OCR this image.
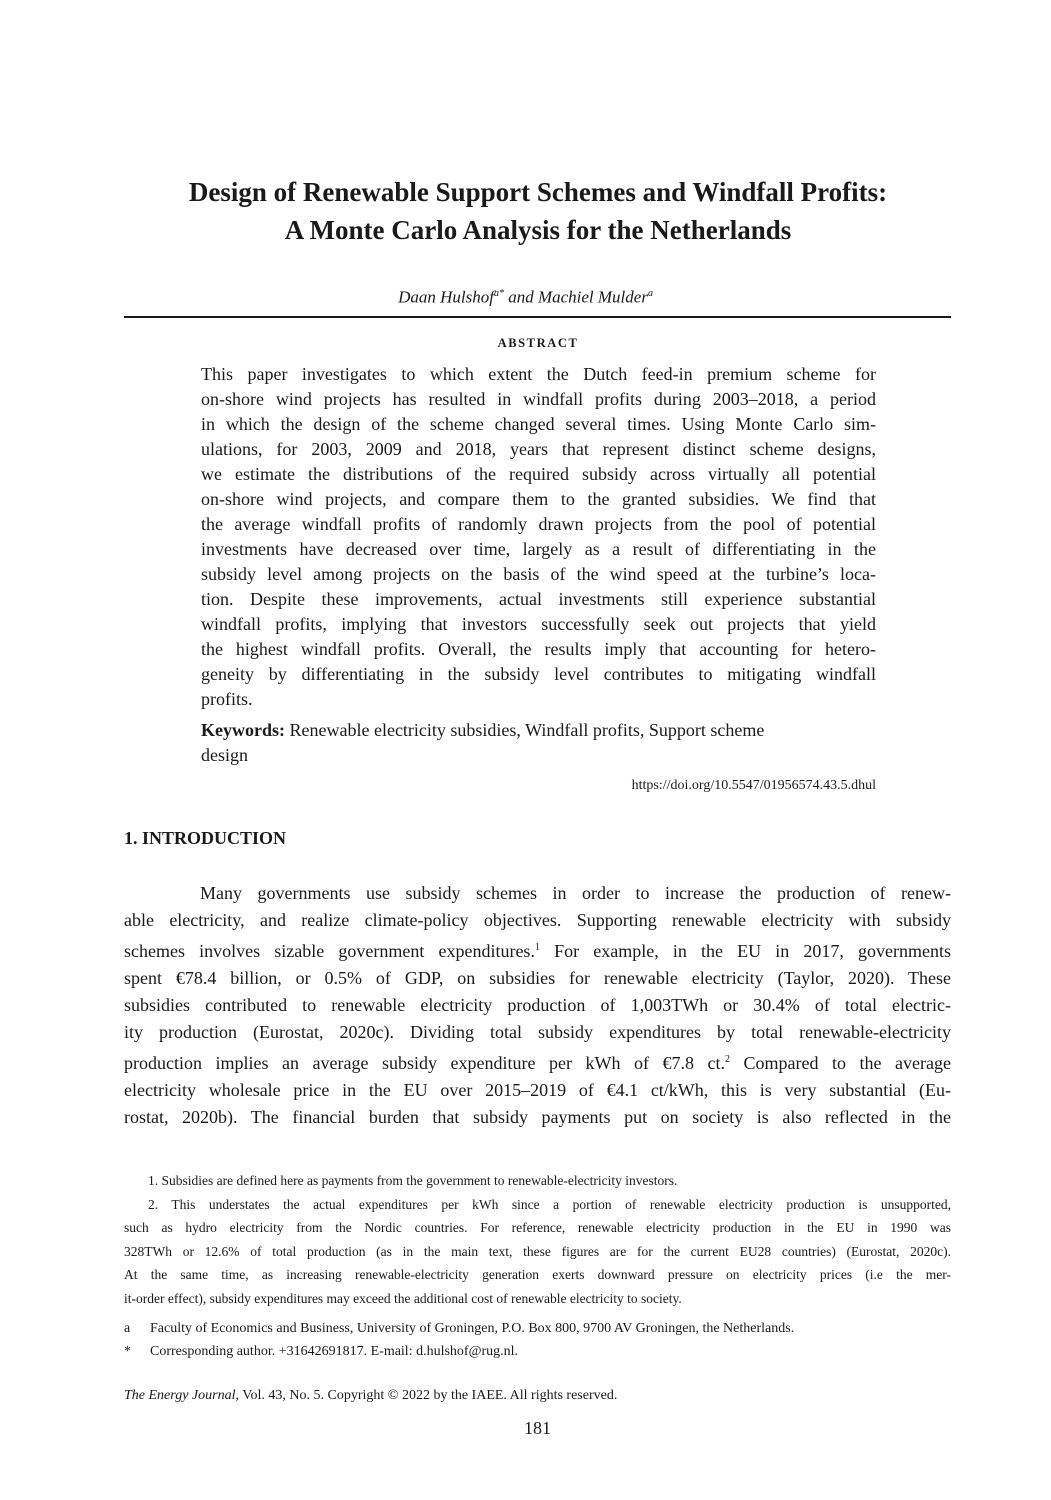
Design of Renewable Support Schemes and Windfall Profits:
A Monte Carlo Analysis for the Netherlands
Daan Hulshof$^{a*}$ and Machiel Mulder$^a$
ABSTRACT
This paper investigates to which extent the Dutch feed-in premium scheme for
on-shore wind projects has resulted in windfall profits during 2003–2018, a period
in which the design of the scheme changed several times. Using Monte Carlo sim-
ulations, for 2003, 2009 and 2018, years that represent distinct scheme designs,
we estimate the distributions of the required subsidy across virtually all potential
on-shore wind projects, and compare them to the granted subsidies. We find that
the average windfall profits of randomly drawn projects from the pool of potential
investments have decreased over time, largely as a result of differentiating in the
subsidy level among projects on the basis of the wind speed at the turbine’s loca-
tion. Despite these improvements, actual investments still experience substantial
windfall profits, implying that investors successfully seek out projects that yield
the highest windfall profits. Overall, the results imply that accounting for hetero-
geneity by differentiating in the subsidy level contributes to mitigating windfall
profits.
Keywords: Renewable electricity subsidies, Windfall profits, Support scheme
design
https://doi.org/10.5547/01956574.43.5.dhul
1. INTRODUCTION
Many governments use subsidy schemes in order to increase the production of renew-
able electricity, and realize climate-policy objectives. Supporting renewable electricity with subsidy
schemes involves sizable government expenditures.$^1$ For example, in the EU in 2017, governments
spent €78.4 billion, or 0.5% of GDP, on subsidies for renewable electricity (Taylor, 2020). These
subsidies contributed to renewable electricity production of 1,003TWh or 30.4% of total electric-
ity production (Eurostat, 2020c). Dividing total subsidy expenditures by total renewable-electricity
production implies an average subsidy expenditure per kWh of €7.8 ct.$^2$ Compared to the average
electricity wholesale price in the EU over 2015–2019 of €4.1 ct/kWh, this is very substantial (Eu-
rostat, 2020b). The financial burden that subsidy payments put on society is also reflected in the
1. Subsidies are defined here as payments from the government to renewable-electricity investors.
2. This understates the actual expenditures per kWh since a portion of renewable electricity production is unsupported,
such as hydro electricity from the Nordic countries. For reference, renewable electricity production in the EU in 1990 was
328TWh or 12.6% of total production (as in the main text, these figures are for the current EU28 countries) (Eurostat, 2020c).
At the same time, as increasing renewable-electricity generation exerts downward pressure on electricity prices (i.e the mer-
it-order effect), subsidy expenditures may exceed the additional cost of renewable electricity to society.
a Faculty of Economics and Business, University of Groningen, P.O. Box 800, 9700 AV Groningen, the Netherlands.
* Corresponding author. +31642691817. E-mail: d.hulshof@rug.nl.
The Energy Journal, Vol. 43, No. 5. Copyright © 2022 by the IAEE. All rights reserved.
181
